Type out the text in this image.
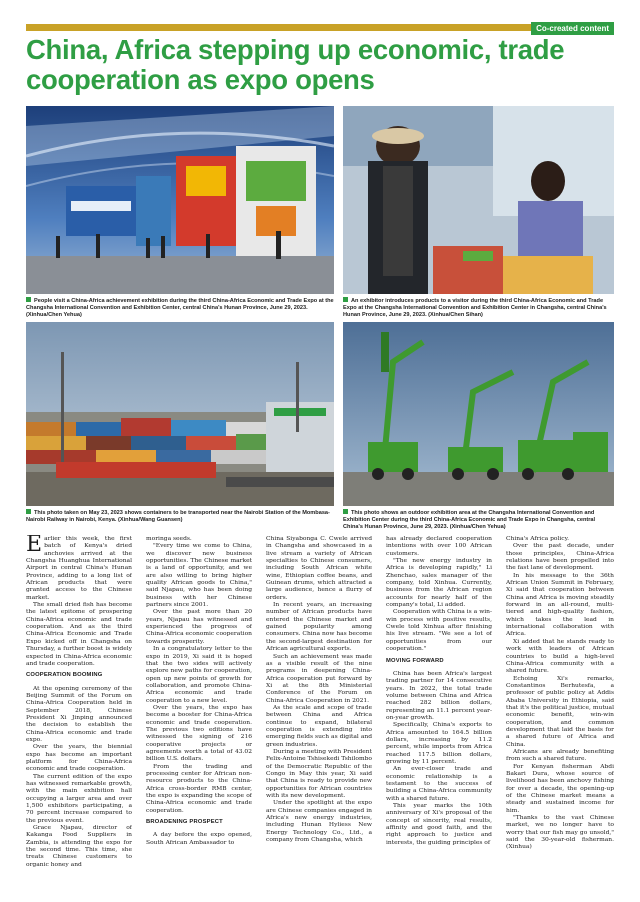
Co-created content
China, Africa stepping up economic, trade cooperation as expo opens
People visit a China-Africa achievement exhibition during the third China-Africa Economic and Trade Expo at the Changsha International Convention and Exhibition Center, central China's Hunan Province, June 29, 2023. (Xinhua/Chen Yehua)
An exhibitor introduces products to a visitor during the third China-Africa Economic and Trade Expo at the Changsha International Convention and Exhibition Center in Changsha, central China's Hunan Province, June 29, 2023. (Xinhua/Chen Sihan)
This photo taken on May 23, 2023 shows containers to be transported near the Nairobi Station of the Mombasa-Nairobi Railway in Nairobi, Kenya. (Xinhua/Wang Guansen)
This photo shows an outdoor exhibition area at the Changsha International Convention and Exhibition Center during the third China-Africa Economic and Trade Expo in Changsha, central China's Hunan Province, June 29, 2023. (Xinhua/Chen Yehua)

Earlier this week, the first batch of Kenya's dried anchovies arrived at the Changsha Huanghua International Airport in central China's Hunan Province, adding to a long list of African products that were granted access to the Chinese market.

The small dried fish has become the latest epitome of prospering China-Africa economic and trade cooperation. And as the third China-Africa Economic and Trade Expo kicked off in Changsha on Thursday, a further boost is widely expected in China-Africa economic and trade cooperation.

COOPERATION BOOMING

At the opening ceremony of the Beijing Summit of the Forum on China-Africa Cooperation held in September 2018, Chinese President Xi Jinping announced the decision to establish the China-Africa economic and trade expo.

Over the years, the biennial expo has become an important platform for China-Africa economic and trade cooperation.

The current edition of the expo has witnessed remarkable growth, with the main exhibition hall occupying a larger area and over 1,500 exhibitors participating, a 70 percent increase compared to the previous event.

Grace Njapau, director of Kakanga Food Suppliers in Zambia, is attending the expo for the second time. This time, she treats Chinese customers to organic honey and

moringa seeds.

"Every time we come to China, we discover new business opportunities. The Chinese market is a land of opportunity, and we are also willing to bring higher quality African goods to China," said Njapau, who has been doing business with her Chinese partners since 2001.

Over the past more than 20 years, Njapau has witnessed and experienced the progress of China-Africa economic cooperation towards prosperity.

In a congratulatory letter to the expo in 2019, Xi said it is hoped that the two sides will actively explore new paths for cooperation, open up new points of growth for collaboration, and promote China-Africa economic and trade cooperation to a new level.

Over the years, the expo has become a booster for China-Africa economic and trade cooperation. The previous two editions have witnessed the signing of 216 cooperative projects or agreements worth a total of 43.02 billion U.S. dollars.

From the trading and processing center for African non-resource products to the China-Africa cross-border RMB center, the expo is expanding the scope of China-Africa economic and trade cooperation.

BROADENING PROSPECT

A day before the expo opened, South African Ambassador to

China Siyabonga C. Cwele arrived in Changsha and showcased in a live stream a variety of African specialties to Chinese consumers, including South African white wine, Ethiopian coffee beans, and Guinean drums, which attracted a large audience, hence a flurry of orders.

In recent years, an increasing number of African products have entered the Chinese market and gained popularity among consumers. China now has become the second-largest destination for African agricultural exports.

Such an achievement was made as a visible result of the nine programs in deepening China-Africa cooperation put forward by Xi at the 8th Ministerial Conference of the Forum on China-Africa Cooperation in 2021.

As the scale and scope of trade between China and Africa continue to expand, bilateral cooperation is extending into emerging fields such as digital and green industries.

During a meeting with President Felix-Antoine Tshisekedi Tshilombo of the Democratic Republic of the Congo in May this year, Xi said that China is ready to provide new opportunities for African countries with its new development.

Under the spotlight at the expo are Chinese companies engaged in Africa's new energy industries, including Hunan Hyliess New Energy Technology Co., Ltd., a company from Changsha, which

has already declared cooperation intentions with over 100 African customers.

"The new energy industry in Africa is developing rapidly," Li Zhenchao, sales manager of the company, told Xinhua. Currently, business from the African region accounts for nearly half of the company's total, Li added.

Cooperation with China is a win-win process with positive results, Cwele told Xinhua after finishing his live stream. "We see a lot of opportunities from our cooperation."

MOVING FORWARD

China has been Africa's largest trading partner for 14 consecutive years. In 2022, the total trade volume between China and Africa reached 282 billion dollars, representing an 11.1 percent year-on-year growth.

Specifically, China's exports to Africa amounted to 164.5 billion dollars, increasing by 11.2 percent, while imports from Africa reached 117.5 billion dollars, growing by 11 percent.

An ever-closer trade and economic relationship is a testament to the success of building a China-Africa community with a shared future.

This year marks the 10th anniversary of Xi's proposal of the concept of sincerity, real results, affinity and good faith, and the right approach to justice and interests, the guiding principles of

China's Africa policy.

Over the past decade, under those principles, China-Africa relations have been propelled into the fast lane of development.

In his message to the 36th African Union Summit in February, Xi said that cooperation between China and Africa is moving steadily forward in an all-round, multi-tiered and high-quality fashion, which takes the lead in international collaboration with Africa.

Xi added that he stands ready to work with leaders of African countries to build a high-level China-Africa community with a shared future.

Echoing Xi's remarks, Constantinos Berhutesfa, a professor of public policy at Addis Ababa University in Ethiopia, said that it's the political justice, mutual economic benefit, win-win cooperation, and common development that laid the basis for a shared future of Africa and China.

Africans are already benefiting from such a shared future.

For Kenyan fisherman Abdi Bakari Dura, whose source of livelihood has been anchovy fishing for over a decade, the opening-up of the Chinese market means a steady and sustained income for him.

"Thanks to the vast Chinese market, we no longer have to worry that our fish may go unsold," said the 30-year-old fisherman. (Xinhua)
